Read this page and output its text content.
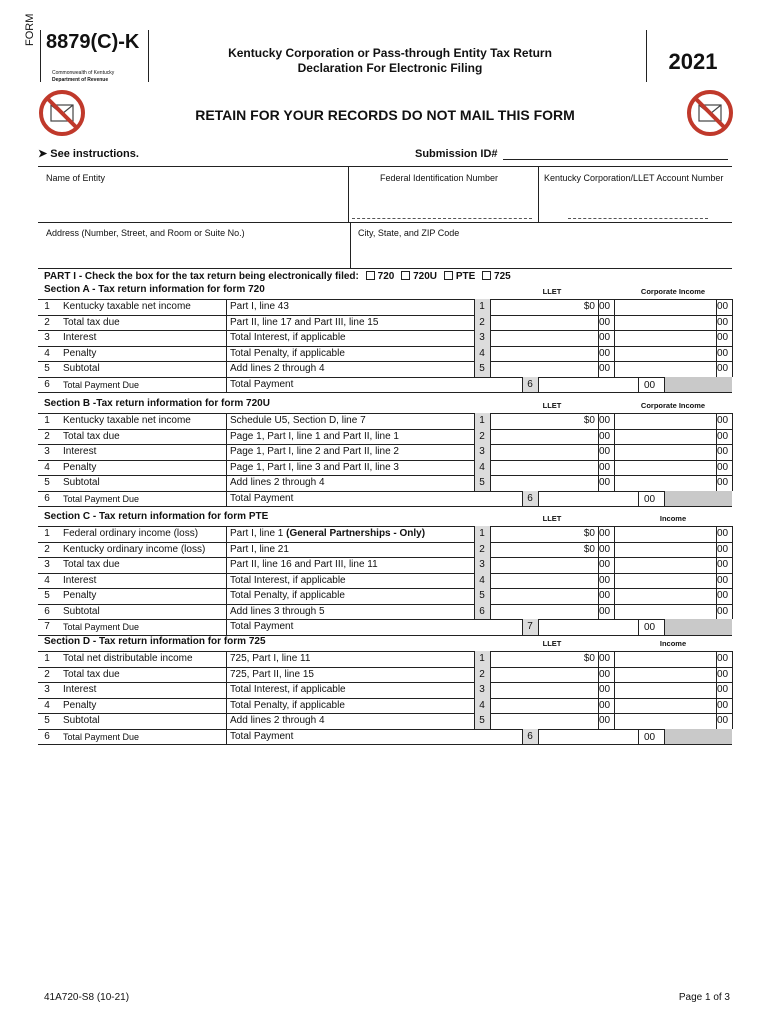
FORM 8879(C)-K
Commonwealth of Kentucky
Department of Revenue
Kentucky Corporation or Pass-through Entity Tax Return
Declaration For Electronic Filing	2021
RETAIN FOR YOUR RECORDS DO NOT MAIL THIS FORM
➤ See instructions.	Submission ID#
Name of Entity	Federal Identification Number	Kentucky Corporation/LLET Account Number
Address (Number, Street, and Room or Suite No.)	City, State, and ZIP Code
PART I - Check the box for the tax return being electronically filed: 720 720U PTE 725
Section A - Tax return information for form 720	LLET	Corporate Income
1	Kentucky taxable net income	Part I, line 43	1	$0 00	00
2	Total tax due	Part II, line 17 and Part III, line 15	2	00	00
3	Interest	Total Interest, if applicable	3	00	00
4	Penalty	Total Penalty, if applicable	4	00	00
5	Subtotal	Add lines 2 through 4	5	00	00
6	Total Payment Due	Total Payment	6	00
Section B -Tax return information for form 720U	LLET	Corporate Income
1	Kentucky taxable net income	Schedule U5, Section D, line 7	1	$0 00	00
2	Total tax due	Page 1, Part I, line 1 and Part II, line 1	2	00	00
3	Interest	Page 1, Part I, line 2 and Part II, line 2	3	00	00
4	Penalty	Page 1, Part I, line 3 and Part II, line 3	4	00	00
5	Subtotal	Add lines 2 through 4	5	00	00
6	Total Payment Due	Total Payment	6	00
Section C - Tax return information for form PTE	LLET	Income
1	Federal ordinary income (loss)	Part I, line 1 (General Partnerships - Only)	1	$0 00	00
2	Kentucky ordinary income (loss) Part I, line 21	2	$0 00	00
3	Total tax due	Part II, line 16 and Part III, line 11	3	00	00
4	Interest	Total Interest, if applicable	4	00	00
5	Penalty	Total Penalty, if applicable	5	00	00
6	Subtotal	Add lines 3 through 5	6	00	00
7	Total Payment Due	Total Payment	7	00
Section D - Tax return information for form 725	LLET	Income
1	Total net distributable income	725, Part I, line 11	1	$0 00	00
2	Total tax due	725, Part II, line 15	2	00	00
3	Interest	Total Interest, if applicable	3	00	00
4	Penalty	Total Penalty, if applicable	4	00	00
5	Subtotal	Add lines 2 through 4	5	00	00
6	Total Payment Due	Total Payment	6	00
41A720-S8 (10-21)	Page 1 of 3
